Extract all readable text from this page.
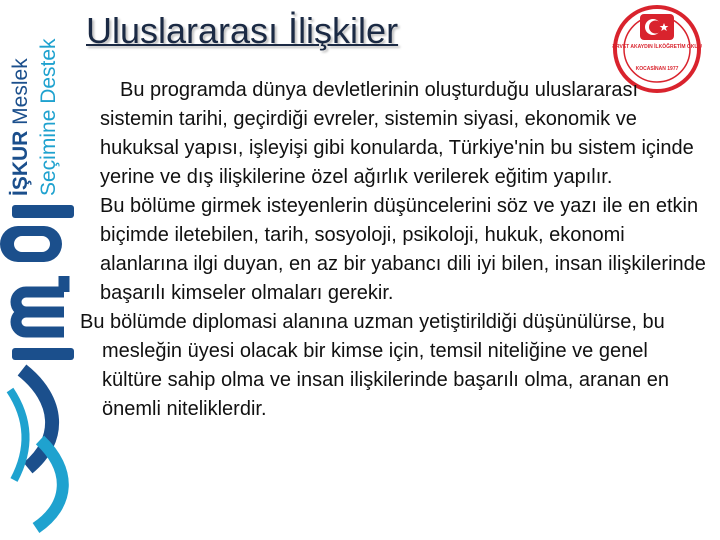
İŞKUR Meslek Seçimine Destek
Uluslararası İlişkiler	SERVET AKAYDIN İLKÖĞRETİM OKULU
KOCASİNAN 1977

Bu programda dünya devletlerinin oluşturduğu uluslararası sistemin tarihi, geçirdiği evreler, sistemin siyasi, ekonomik ve hukuksal yapısı, işleyişi gibi konularda, Türkiye'nin bu sistem içinde yerine ve dış ilişkilerine özel ağırlık verilerek eğitim yapılır.

Bu bölüme girmek isteyenlerin düşüncelerini söz ve yazı ile en etkin biçimde iletebilen, tarih, sosyoloji, psikoloji, hukuk, ekonomi alanlarına ilgi duyan, en az bir yabancı dili iyi bilen, insan ilişkilerinde başarılı kimseler olmaları gerekir.

Bu bölümde diplomasi alanına uzman yetiştirildiği düşünülürse, bu mesleğin üyesi olacak bir kimse için, temsil niteliğine ve genel kültüre sahip olma ve insan ilişkilerinde başarılı olma, aranan en önemli niteliklerdir.
